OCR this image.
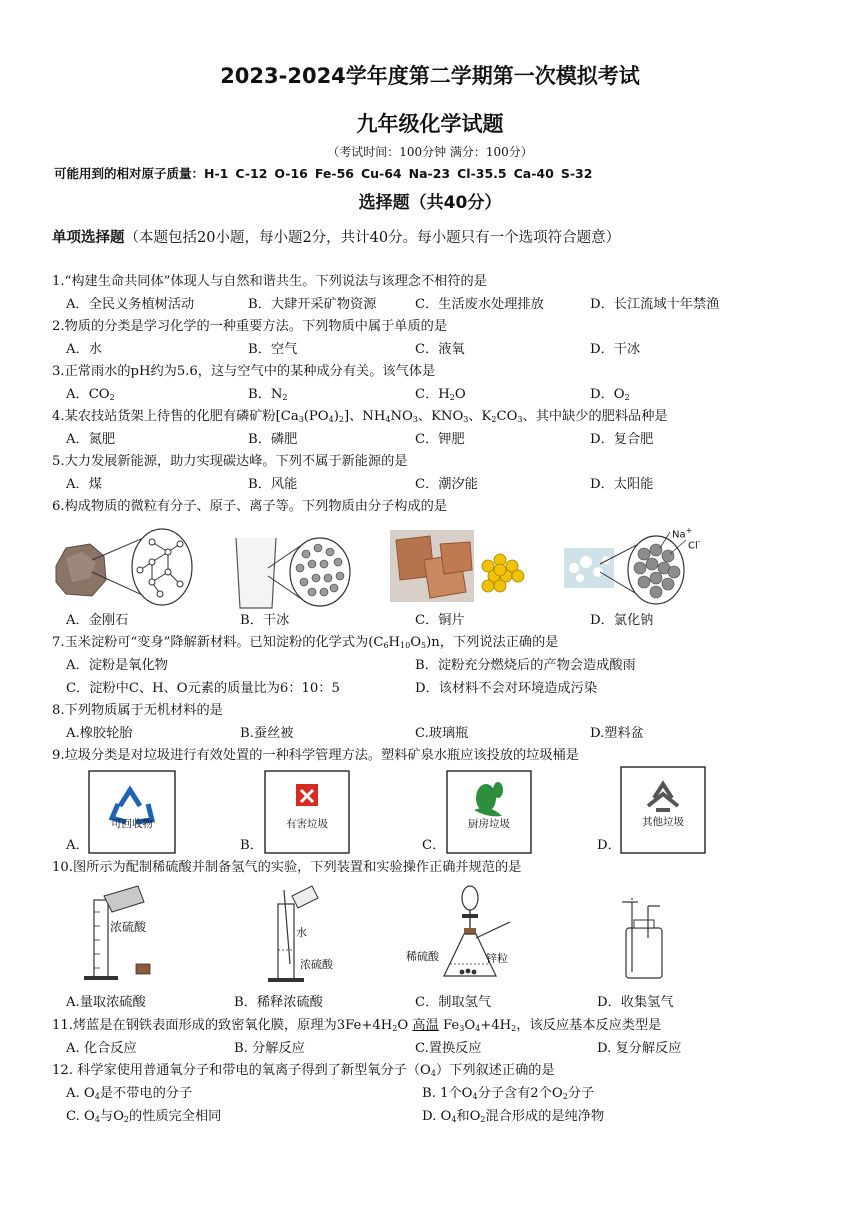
2023-2024学年度第二学期第一次模拟考试
九年级化学试题
（考试时间：100分钟 满分：100分）
可能用到的相对原子质量：H-1 C-12 O-16 Fe-56 Cu-64 Na-23 Cl-35.5 Ca-40 S-32
选择题（共40分）
单项选择题（本题包括20小题，每小题2分，共计40分。每小题只有一个选项符合题意）
1.“构建生命共同体”体现人与自然和谐共生。下列说法与该理念不相符的是
A．全民义务植树活动	B．大肆开采矿物资源	C．生活废水处理排放	D．长江流域十年禁渔
2.物质的分类是学习化学的一种重要方法。下列物质中属于单质的是
A．水	B．空气	C．液氧	D．干冰
3.正常雨水的pH约为5.6，这与空气中的某种成分有关。该气体是
A．$CO_2$	B．$N_2$	C．$H_2O$	D．$O_2$
4.某农技站货架上待售的化肥有磷矿粉$[Ca_3(PO_4)_2]$、$NH_4NO_3$、$KNO_3$、$K_2CO_3$、其中缺少的肥料品种是
A．氮肥	B．磷肥	C．钾肥	D．复合肥
5.大力发展新能源，助力实现碳达峰。下列不属于新能源的是
A．煤	B．风能	C．潮汐能	D．太阳能
6.构成物质的微粒有分子、原子、离子等。下列物质由分子构成的是
Na+
Cl-
A．金刚石	B．干冰	C．铜片	D．氯化钠
7.玉米淀粉可“变身”降解新材料。已知淀粉的化学式为$(C_6H_{10}O_5)n$，下列说法正确的是
A．淀粉是氧化物	B．淀粉充分燃烧后的产物会造成酸雨
C．淀粉中C、H、O元素的质量比为6：10：5	D．该材料不会对环境造成污染
8.下列物质属于无机材料的是
A.橡胶轮胎	B.蚕丝被	C.玻璃瓶	D.塑料盆
9.垃圾分类是对垃圾进行有效处置的一种科学管理方法。塑料矿泉水瓶应该投放的垃圾桶是
可回收物	有害垃圾	厨房垃圾	其他垃圾
A．	B．	C．	D．
10.图所示为配制稀硫酸并制备氢气的实验，下列装置和实验操作正确并规范的是
浓硫酸	水
浓硫酸
稀硫酸	锌粒
A.量取浓硫酸	B．稀释浓硫酸	C．制取氢气	D．收集氢气
11.烤蓝是在钢铁表面形成的致密氧化膜，原理为$3Fe+4H_2O$ 高温 $Fe_3O_4+4H_2$，该反应基本反应类型是
A. 化合反应	B. 分解反应	C.置换反应	D. 复分解反应
12. 科学家使用普通氧分子和带电的氧离子得到了新型氧分子$(O_4)$下列叙述正确的是
A. $O_4$是不带电的分子	B. 1个$O_4$分子含有2个$O_2$分子
C. $O_4$与$O_2$的性质完全相同	D. $O_4$和$O_2$混合形成的是纯净物
